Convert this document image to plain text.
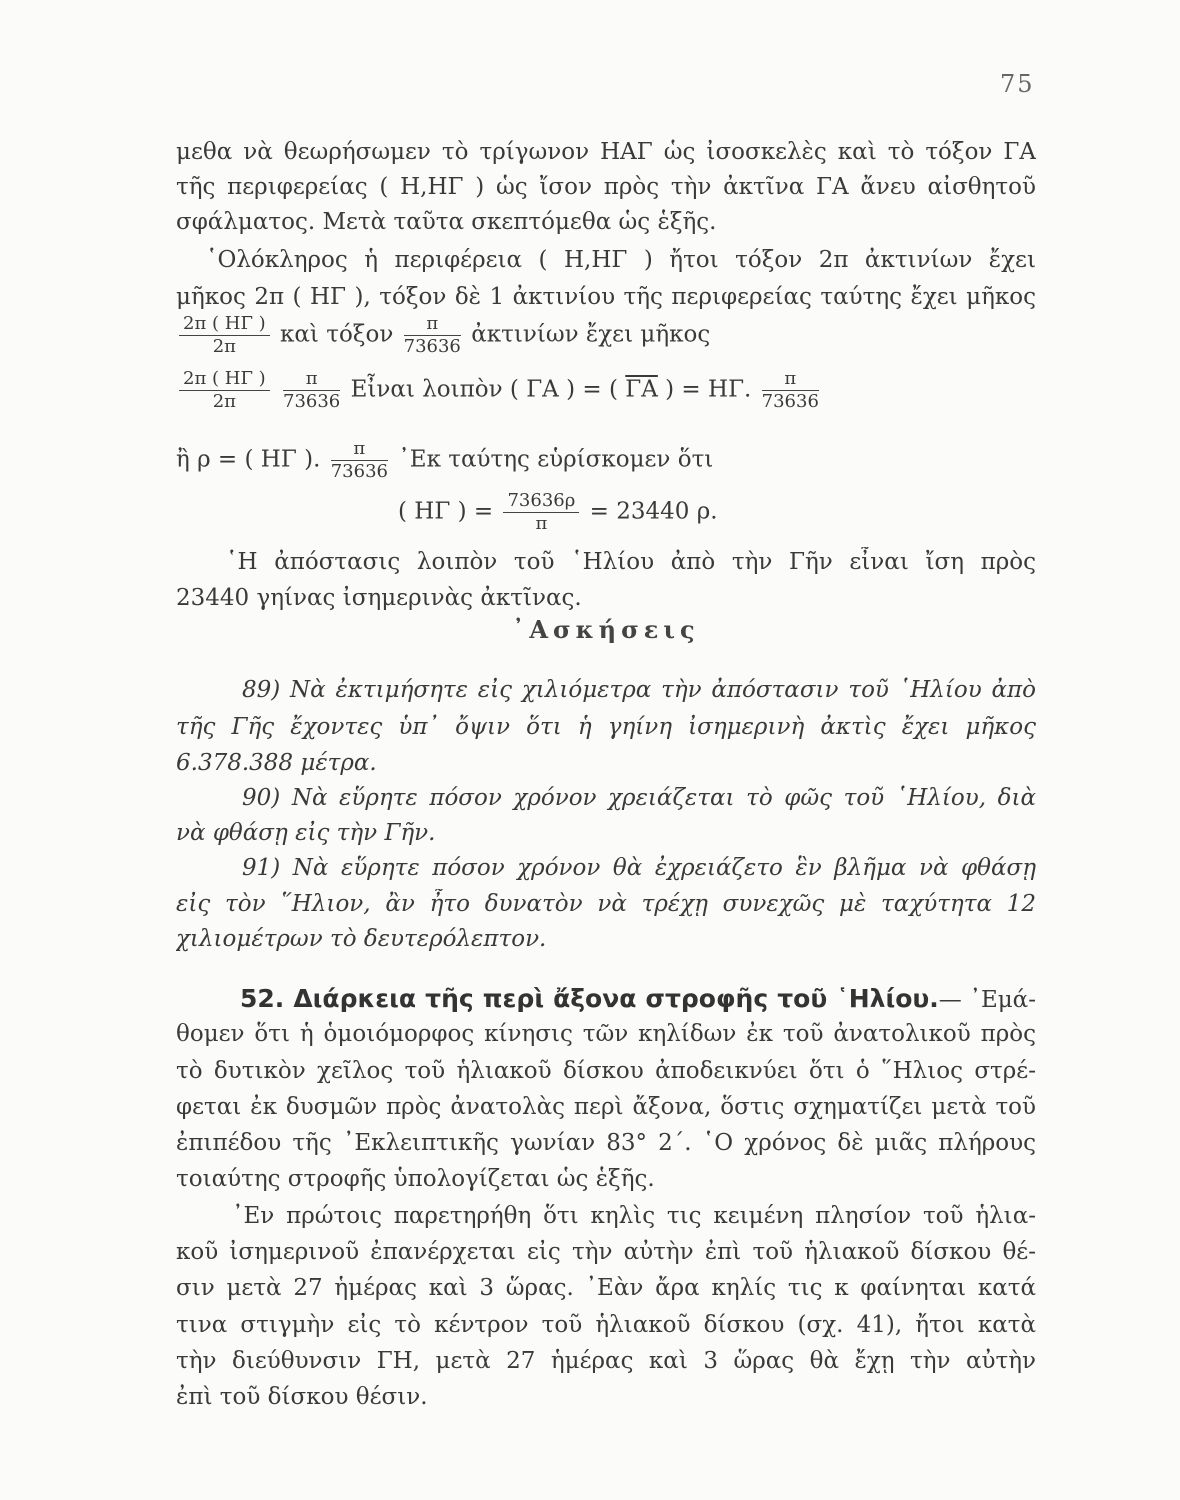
75
μεθα νὰ θεωρήσωμεν τὸ τρίγωνον ΗΑΓ ὡς ἰσοσκελὲς καὶ τὸ τόξον ΓΑ
τῆς περιφερείας ( Η,ΗΓ ) ὡς ἴσον πρὸς τὴν ἀκτῖνα ΓΑ ἄνευ αἰσθητοῦ
σφάλματος. Μετὰ ταῦτα σκεπτόμεθα ὡς ἑξῆς.
῾Ολόκληρος ἡ περιφέρεια ( Η,ΗΓ ) ἤτοι τόξον 2π ἀκτινίων ἔχει
μῆκος 2π ( ΗΓ ), τόξον δὲ 1 ἀκτινίου τῆς περιφερείας ταύτης ἔχει μῆκος
$\frac{2\pi ( H\Gamma )}{2\pi}$ καὶ τόξον $\frac{\pi}{73636}$ ἀκτινίων ἔχει μῆκος
$\frac{2\pi ( H\Gamma )}{2\pi}$
$\frac{\pi}{73636}$ Εἶναι λοιπὸν ( ΓΑ ) = ( $\overline{\Gamma A}$ ) = ΗΓ. $\frac{\pi}{73636}$
ἢ ρ = ( ΗΓ ). $\frac{\pi}{73636}$ ᾿Εκ ταύτης εὑρίσκομεν ὅτι
( ΗΓ ) = $\frac{73636\rho}{\pi} = 23440$ ρ.
῾Η ἀπόστασις λοιπὸν τοῦ ῾Ηλίου ἀπὸ τὴν Γῆν εἶναι ἴση πρὸς
23440 γηίνας ἰσημερινὰς ἀκτῖνας.
᾿Ασκήσεις
89) Νὰ ἐκτιμήσητε εἰς χιλιόμετρα τὴν ἀπόστασιν τοῦ ῾Ηλίου ἀπὸ
τῆς Γῆς ἔχοντες ὑπ᾿ ὄψιν ὅτι ἡ γηίνη ἰσημερινὴ ἀκτὶς ἔχει μῆκος
6.378.388 μέτρα.
90) Νὰ εὕρητε πόσον χρόνον χρειάζεται τὸ φῶς τοῦ ῾Ηλίου, διὰ
νὰ φθάσῃ εἰς τὴν Γῆν.
91) Νὰ εὕρητε πόσον χρόνον θὰ ἐχρειάζετο ἓν βλῆμα νὰ φθάσῃ
εἰς τὸν ῞Ηλιον, ἂν ἦτο δυνατὸν νὰ τρέχῃ συνεχῶς μὲ ταχύτητα 12
χιλιομέτρων τὸ δευτερόλεπτον.
52. Διάρκεια τῆς περὶ ἄξονα στροφῆς τοῦ ῾Ηλίου.— ᾿Εμά-
θομεν ὅτι ἡ ὁμοιόμορφος κίνησις τῶν κηλίδων ἐκ τοῦ ἀνατολικοῦ πρὸς
τὸ δυτικὸν χεῖλος τοῦ ἡλιακοῦ δίσκου ἀποδεικνύει ὅτι ὁ ῞Ηλιος στρέ-
φεται ἐκ δυσμῶν πρὸς ἀνατολὰς περὶ ἄξονα, ὅστις σχηματίζει μετὰ τοῦ
ἐπιπέδου τῆς ᾿Εκλειπτικῆς γωνίαν 83° 2΄. ῾Ο χρόνος δὲ μιᾶς πλήρους
τοιαύτης στροφῆς ὑπολογίζεται ὡς ἑξῆς.
᾿Εν πρώτοις παρετηρήθη ὅτι κηλὶς τις κειμένη πλησίον τοῦ ἡλια-
κοῦ ἰσημερινοῦ ἐπανέρχεται εἰς τὴν αὐτὴν ἐπὶ τοῦ ἡλιακοῦ δίσκου θέ-
σιν μετὰ 27 ἡμέρας καὶ 3 ὥρας. ᾿Εὰν ἄρα κηλίς τις κ φαίνηται κατά
τινα στιγμὴν εἰς τὸ κέντρον τοῦ ἡλιακοῦ δίσκου (σχ. 41), ἤτοι κατὰ
τὴν διεύθυνσιν ΓΗ, μετὰ 27 ἡμέρας καὶ 3 ὥρας θὰ ἔχῃ τὴν αὐτὴν
ἐπὶ τοῦ δίσκου θέσιν.
